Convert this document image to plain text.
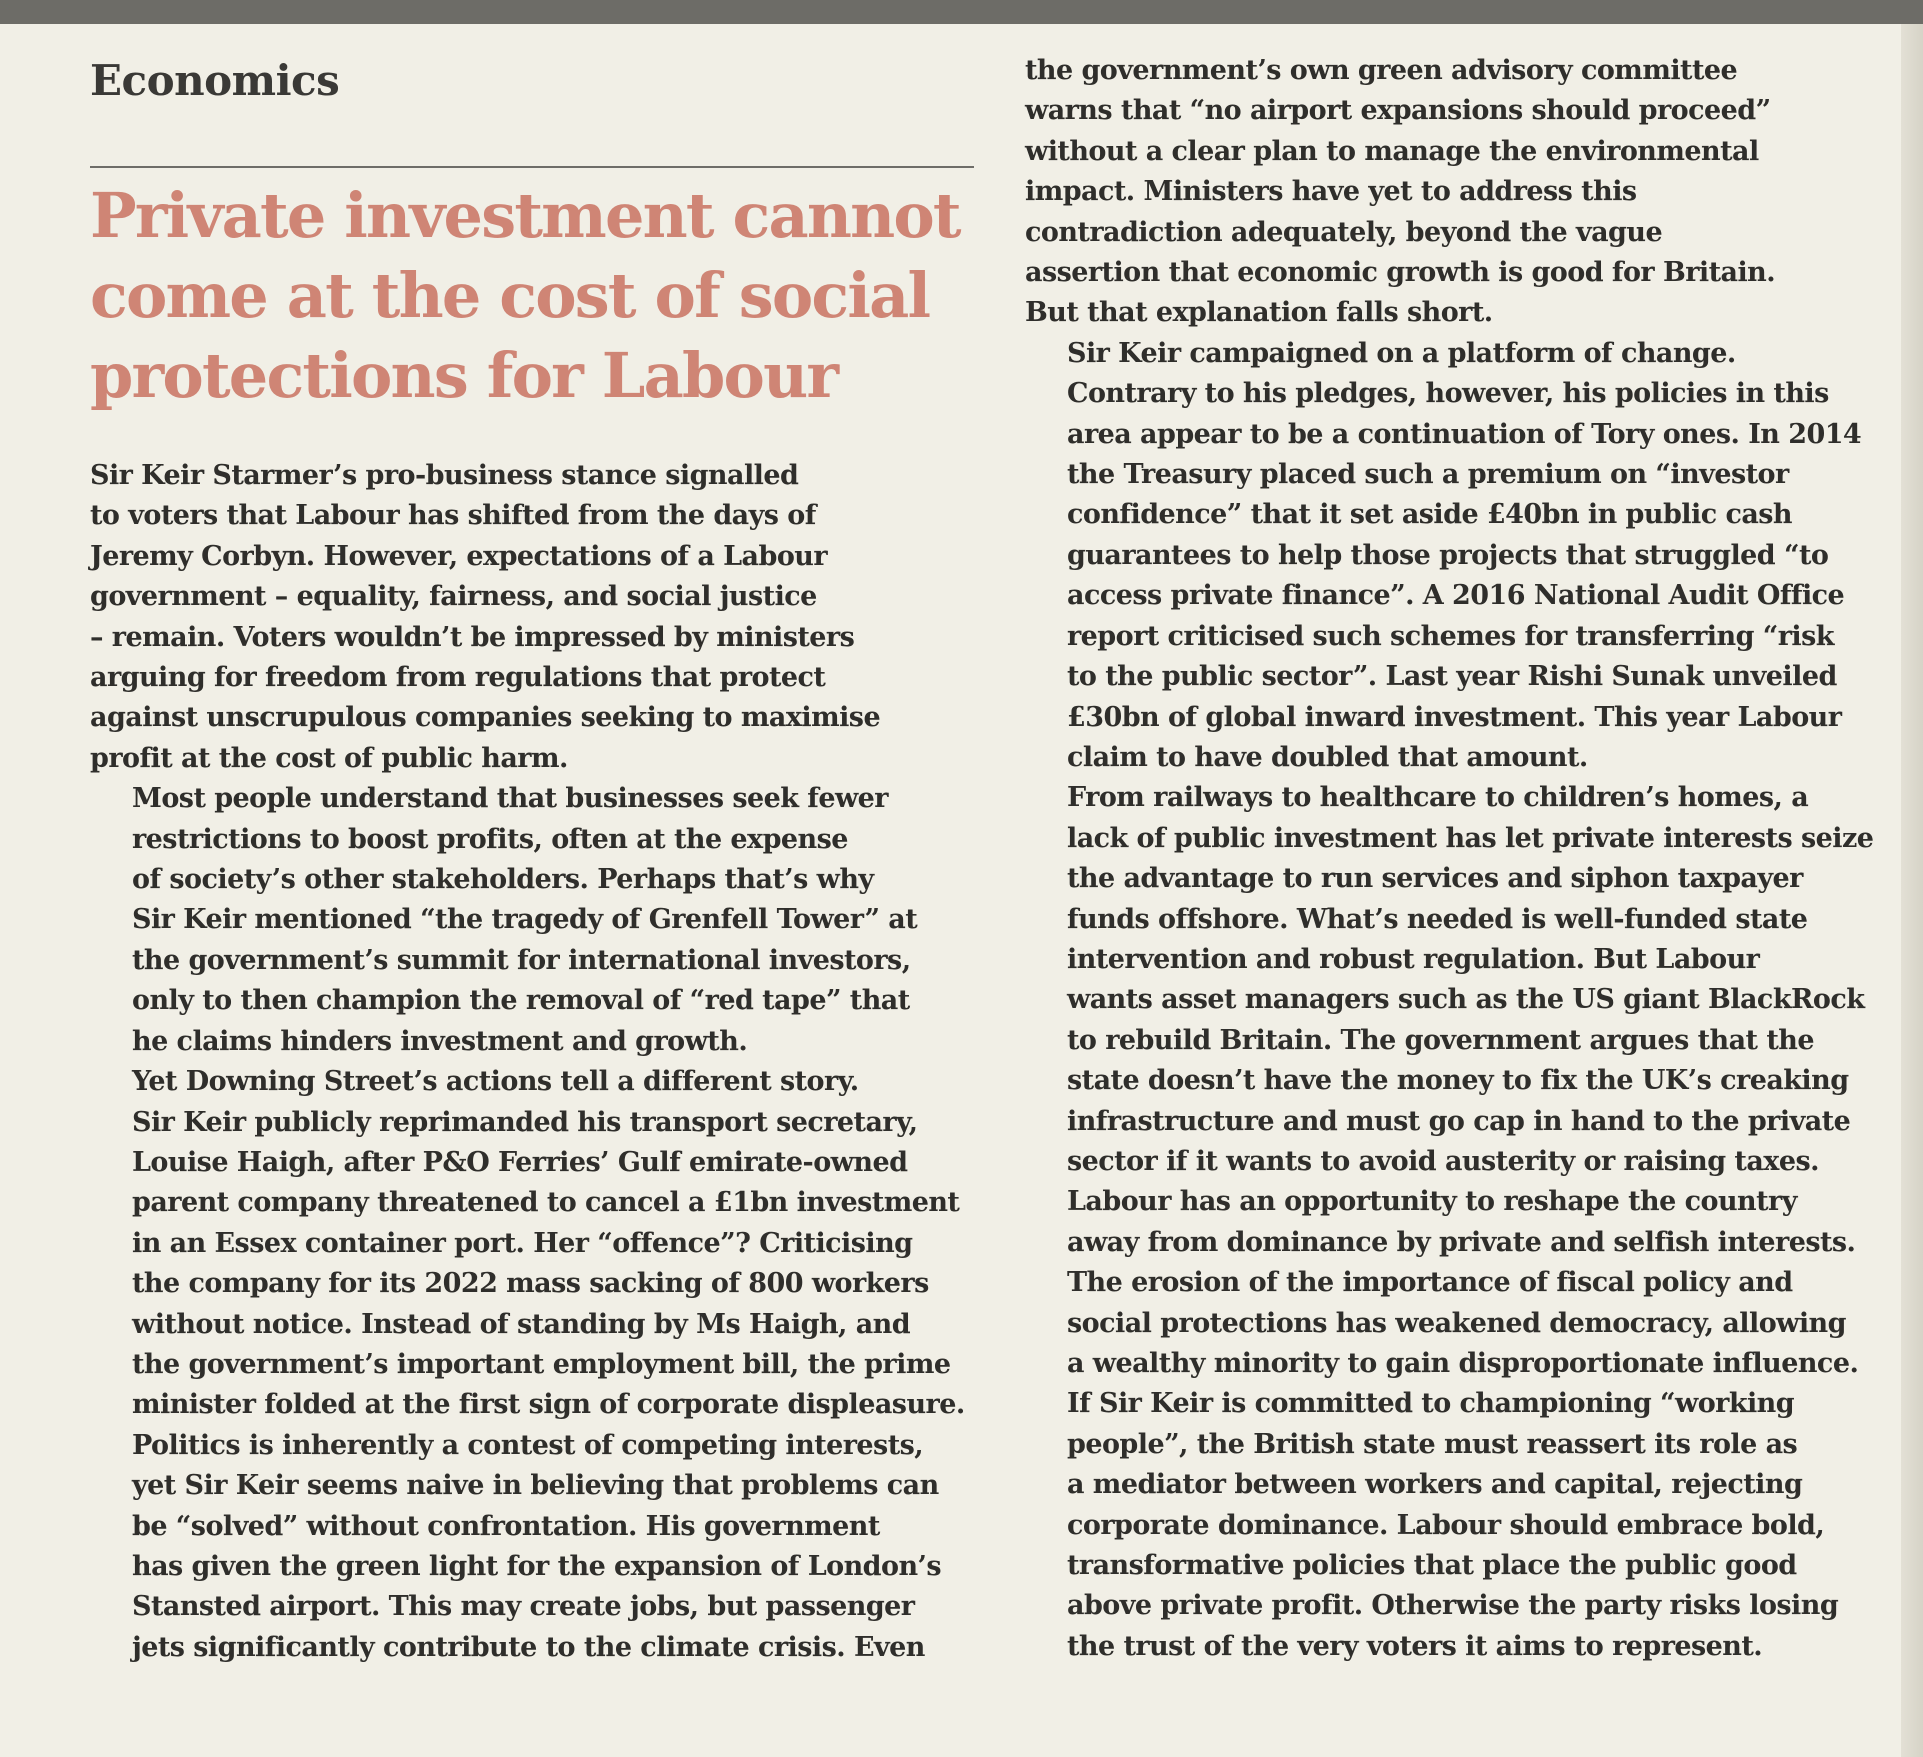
Economics
Private investment cannot
come at the cost of social
protections for Labour

Sir Keir Starmer’s pro-business stance signalled
to voters that Labour has shifted from the days of
Jeremy Corbyn. However, expectations of a Labour
government – equality, fairness, and social justice
– remain. Voters wouldn’t be impressed by ministers
arguing for freedom from regulations that protect
against unscrupulous companies seeking to maximise
profit at the cost of public harm.

Most people understand that businesses seek fewer
restrictions to boost profits, often at the expense
of society’s other stakeholders. Perhaps that’s why
Sir Keir mentioned “the tragedy of Grenfell Tower” at
the government’s summit for international investors,
only to then champion the removal of “red tape” that
he claims hinders investment and growth.

Yet Downing Street’s actions tell a different story.
Sir Keir publicly reprimanded his transport secretary,
Louise Haigh, after P&O Ferries’ Gulf emirate-owned
parent company threatened to cancel a £1bn investment
in an Essex container port. Her “offence”? Criticising
the company for its 2022 mass sacking of 800 workers
without notice. Instead of standing by Ms Haigh, and
the government’s important employment bill, the prime
minister folded at the first sign of corporate displeasure.

Politics is inherently a contest of competing interests,
yet Sir Keir seems naive in believing that problems can
be “solved” without confrontation. His government
has given the green light for the expansion of London’s
Stansted airport. This may create jobs, but passenger
jets significantly contribute to the climate crisis. Even

the government’s own green advisory committee
warns that “no airport expansions should proceed”
without a clear plan to manage the environmental
impact. Ministers have yet to address this
contradiction adequately, beyond the vague
assertion that economic growth is good for Britain.
But that explanation falls short.

Sir Keir campaigned on a platform of change.
Contrary to his pledges, however, his policies in this
area appear to be a continuation of Tory ones. In 2014
the Treasury placed such a premium on “investor
confidence” that it set aside £40bn in public cash
guarantees to help those projects that struggled “to
access private finance”. A 2016 National Audit Office
report criticised such schemes for transferring “risk
to the public sector”. Last year Rishi Sunak unveiled
£30bn of global inward investment. This year Labour
claim to have doubled that amount.

From railways to healthcare to children’s homes, a
lack of public investment has let private interests seize
the advantage to run services and siphon taxpayer
funds offshore. What’s needed is well-funded state
intervention and robust regulation. But Labour
wants asset managers such as the US giant BlackRock
to rebuild Britain. The government argues that the
state doesn’t have the money to fix the UK’s creaking
infrastructure and must go cap in hand to the private
sector if it wants to avoid austerity or raising taxes.

Labour has an opportunity to reshape the country
away from dominance by private and selfish interests.
The erosion of the importance of fiscal policy and
social protections has weakened democracy, allowing
a wealthy minority to gain disproportionate influence.
If Sir Keir is committed to championing “working
people”, the British state must reassert its role as
a mediator between workers and capital, rejecting
corporate dominance. Labour should embrace bold,
transformative policies that place the public good
above private profit. Otherwise the party risks losing
the trust of the very voters it aims to represent.
